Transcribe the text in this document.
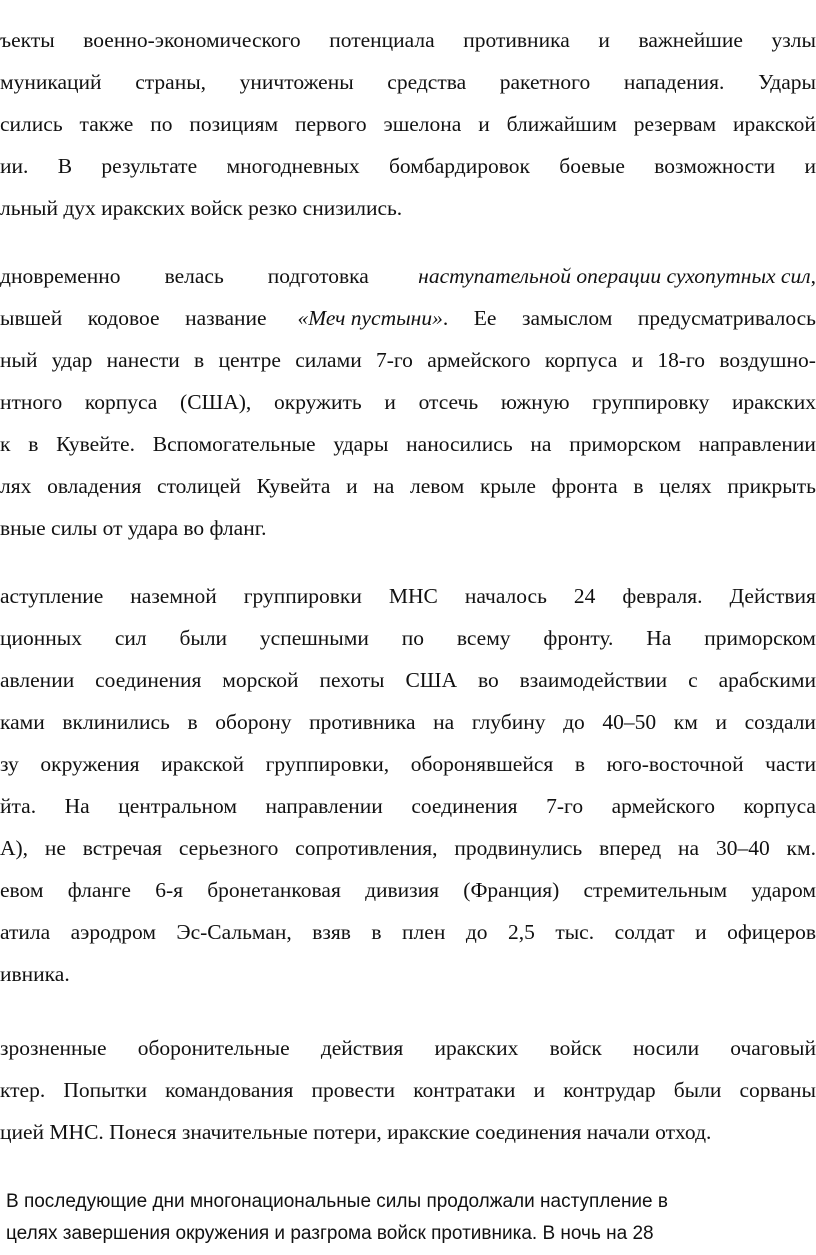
ъекты военно-экономического потенциала противника и важнейшие узлы
муникаций страны, уничтожены средства ракетного нападения. Удары
сились также по позициям первого эшелона и ближайшим резервам иракской
ии. В результате многодневных бомбардировок боевые возможности и
льный дух иракских войск резко снизились.
дновременно велась подготовка наступательной операции сухопутных сил,
ывшей кодовое название «Меч пустыни». Ее замыслом предусматривалось
ный удар нанести в центре силами 7-го армейского корпуса и 18-го воздушно-
нтного корпуса (США), окружить и отсечь южную группировку иракских
к в Кувейте. Вспомогательные удары наносились на приморском направлении
лях овладения столицей Кувейта и на левом крыле фронта в целях прикрыть
вные силы от удара во фланг.
аступление наземной группировки МНС началось 24 февраля. Действия
ционных сил были успешными по всему фронту. На приморском
авлении соединения морской пехоты США во взаимодействии с арабскими
ками вклинились в оборону противника на глубину до 40–50 км и создали
зу окружения иракской группировки, оборонявшейся в юго-восточной части
йта. На центральном направлении соединения 7-го армейского корпуса
А), не встречая серьезного сопротивления, продвинулись вперед на 30–40 км.
евом фланге 6-я бронетанковая дивизия (Франция) стремительным ударом
атила аэродром Эс-Сальман, взяв в плен до 2,5 тыс. солдат и офицеров
ивника.
зрозненные оборонительные действия иракских войск носили очаговый
ктер. Попытки командования провести контратаки и контрудар были сорваны
цией МНС. Понеся значительные потери, иракские соединения начали отход.
В последующие дни многонациональные силы продолжали наступление в
целях завершения окружения и разгрома войск противника. В ночь на 28
